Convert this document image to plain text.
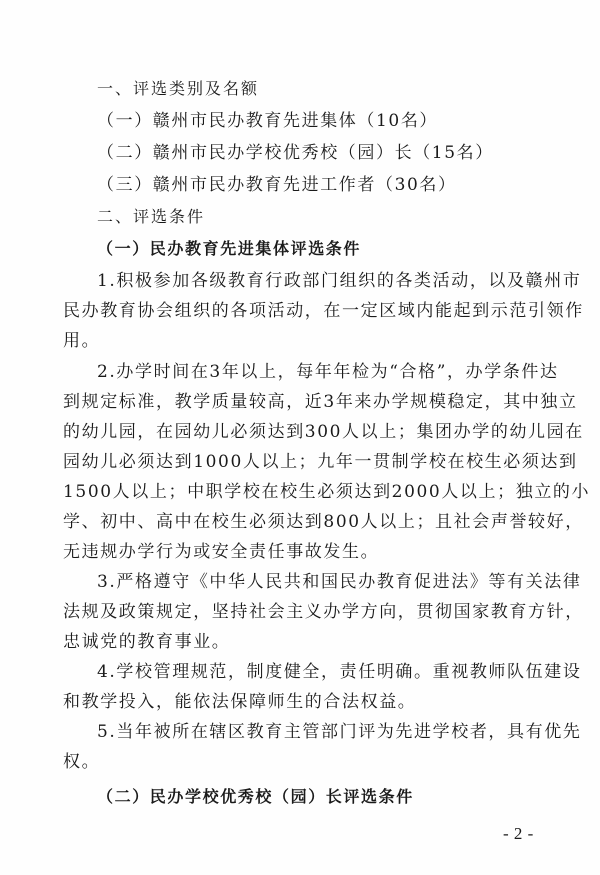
一、评选类别及名额
（一）赣州市民办教育先进集体（10名）
（二）赣州市民办学校优秀校（园）长（15名）
（三）赣州市民办教育先进工作者（30名）
二、评选条件
（一）民办教育先进集体评选条件
1.积极参加各级教育行政部门组织的各类活动，以及赣州市
民办教育协会组织的各项活动，在一定区域内能起到示范引领作
用。
2.办学时间在3年以上，每年年检为“合格”，办学条件达
到规定标准，教学质量较高，近3年来办学规模稳定，其中独立
的幼儿园，在园幼儿必须达到300人以上；集团办学的幼儿园在
园幼儿必须达到1000人以上；九年一贯制学校在校生必须达到
1500人以上；中职学校在校生必须达到2000人以上；独立的小
学、初中、高中在校生必须达到800人以上；且社会声誉较好，
无违规办学行为或安全责任事故发生。
3.严格遵守《中华人民共和国民办教育促进法》等有关法律
法规及政策规定，坚持社会主义办学方向，贯彻国家教育方针，
忠诚党的教育事业。
4.学校管理规范，制度健全，责任明确。重视教师队伍建设
和教学投入，能依法保障师生的合法权益。
5.当年被所在辖区教育主管部门评为先进学校者，具有优先
权。
（二）民办学校优秀校（园）长评选条件
- 2 -
